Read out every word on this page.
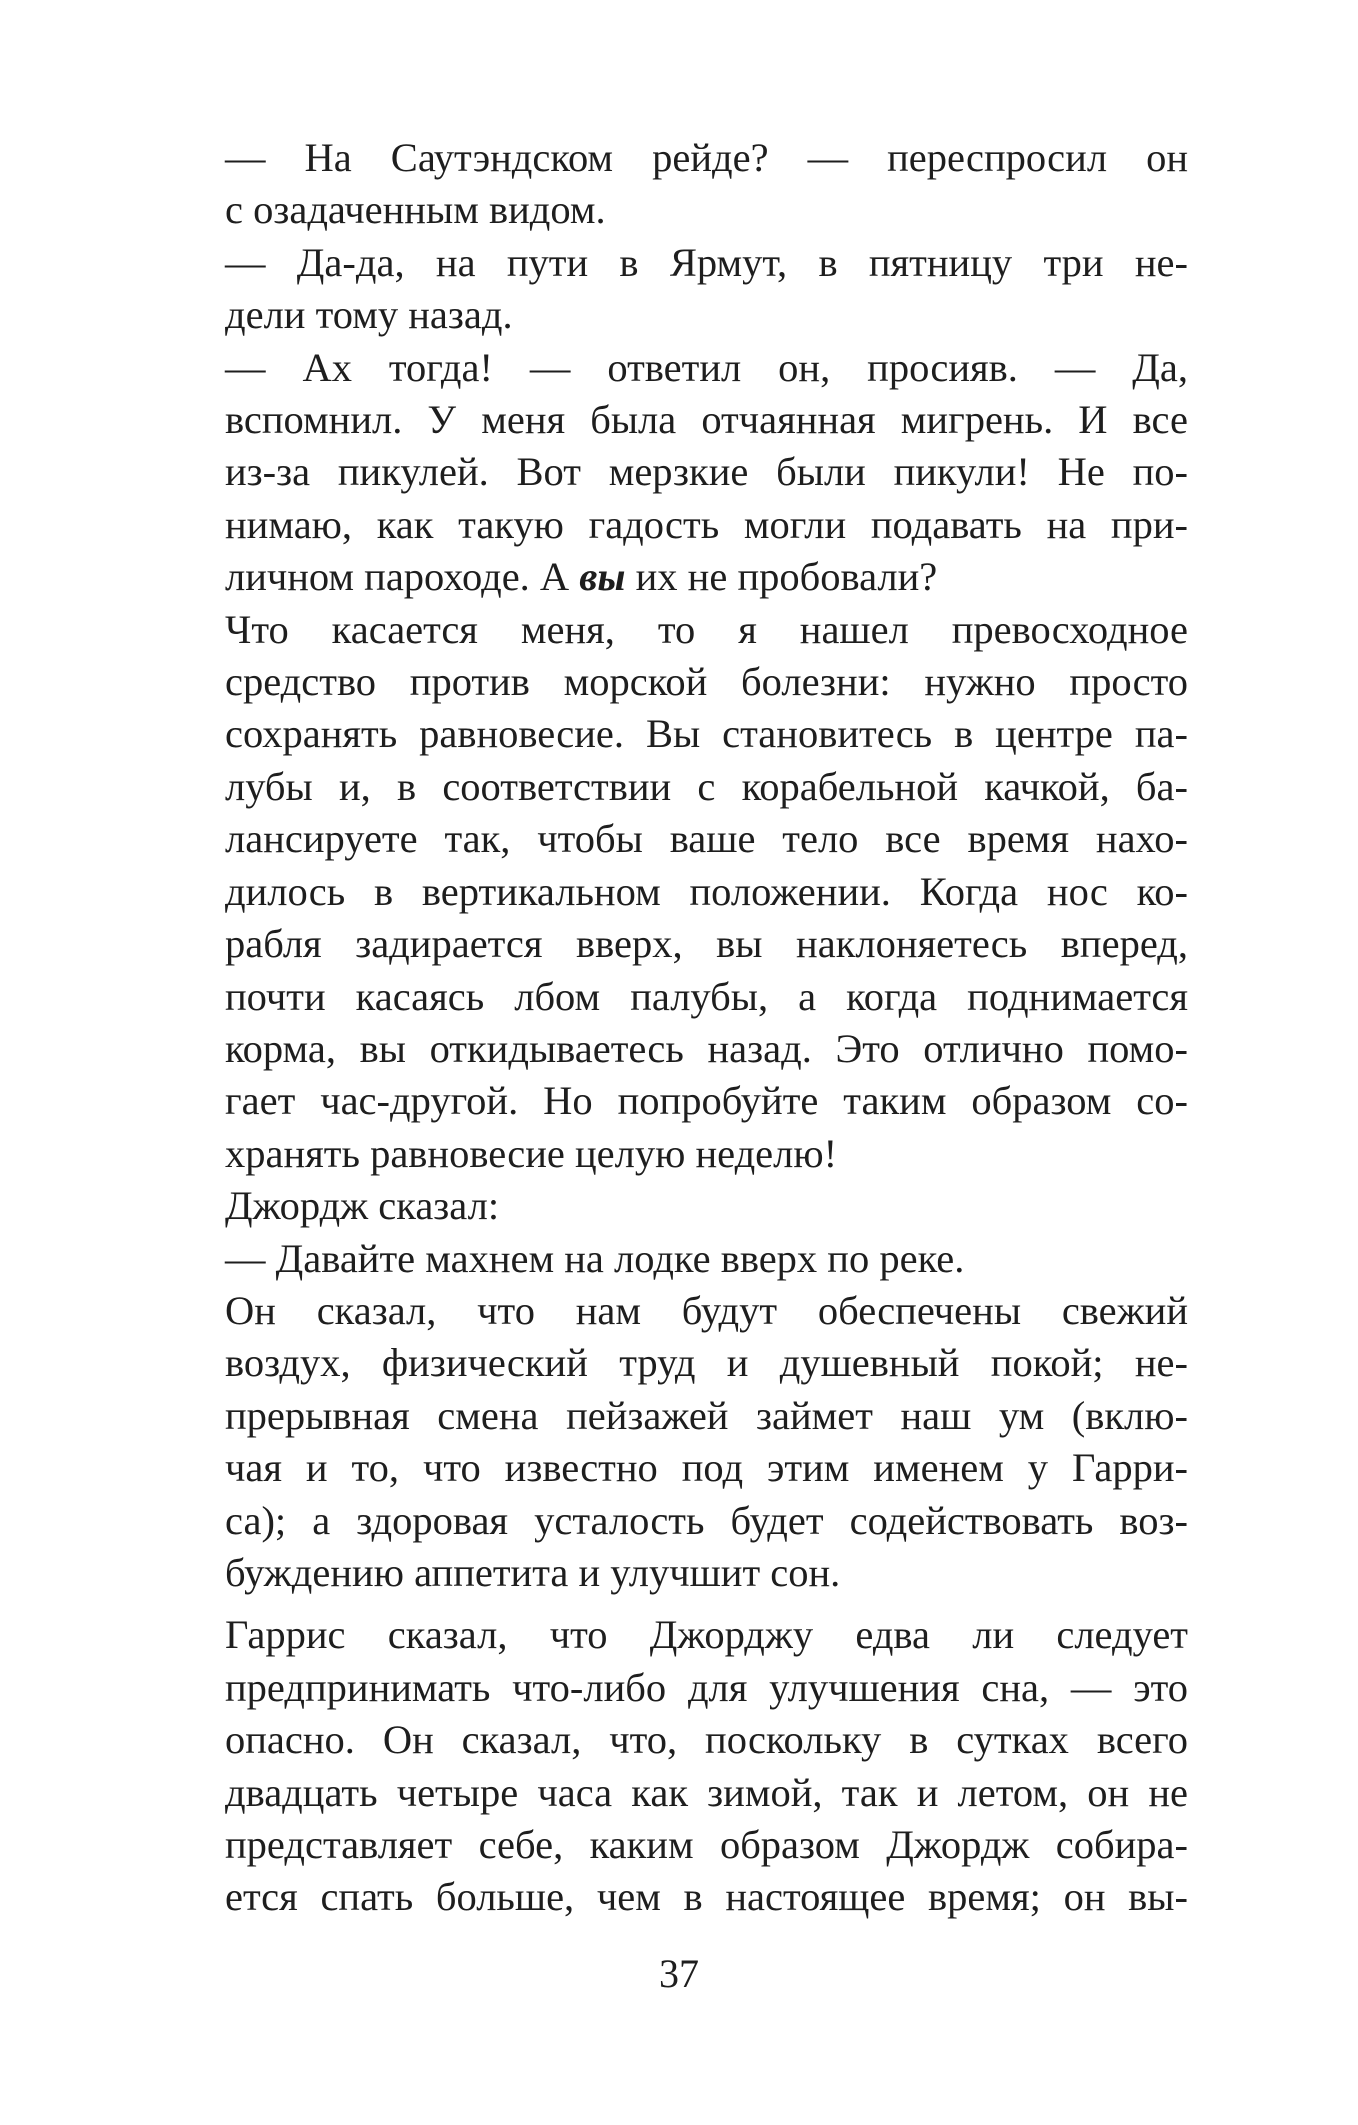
— На Саутэндском рейде? — переспросил он
с озадаченным видом.

— Да-да, на пути в Ярмут, в пятницу три не-
дели тому назад.

— Ах тогда! — ответил он, просияв. — Да,
вспомнил. У меня была отчаянная мигрень. И все
из-за пикулей. Вот мерзкие были пикули! Не по-
нимаю, как такую гадость могли подавать на при-
личном пароходе. А вы их не пробовали?

Что касается меня, то я нашел превосходное
средство против морской болезни: нужно просто
сохранять равновесие. Вы становитесь в центре па-
лубы и, в соответствии с корабельной качкой, ба-
лансируете так, чтобы ваше тело все время нахо-
дилось в вертикальном положении. Когда нос ко-
рабля задирается вверх, вы наклоняетесь вперед,
почти касаясь лбом палубы, а когда поднимается
корма, вы откидываетесь назад. Это отлично помо-
гает час-другой. Но попробуйте таким образом со-
хранять равновесие целую неделю!

Джордж сказал:

— Давайте махнем на лодке вверх по реке.

Он сказал, что нам будут обеспечены свежий
воздух, физический труд и душевный покой; не-
прерывная смена пейзажей займет наш ум (вклю-
чая и то, что известно под этим именем у Гарри-
са); а здоровая усталость будет содействовать воз-
буждению аппетита и улучшит сон.

Гаррис сказал, что Джорджу едва ли следует
предпринимать что-либо для улучшения сна, — это
опасно. Он сказал, что, поскольку в сутках всего
двадцать четыре часа как зимой, так и летом, он не
представляет себе, каким образом Джордж собира-
ется спать больше, чем в настоящее время; он вы-

37
